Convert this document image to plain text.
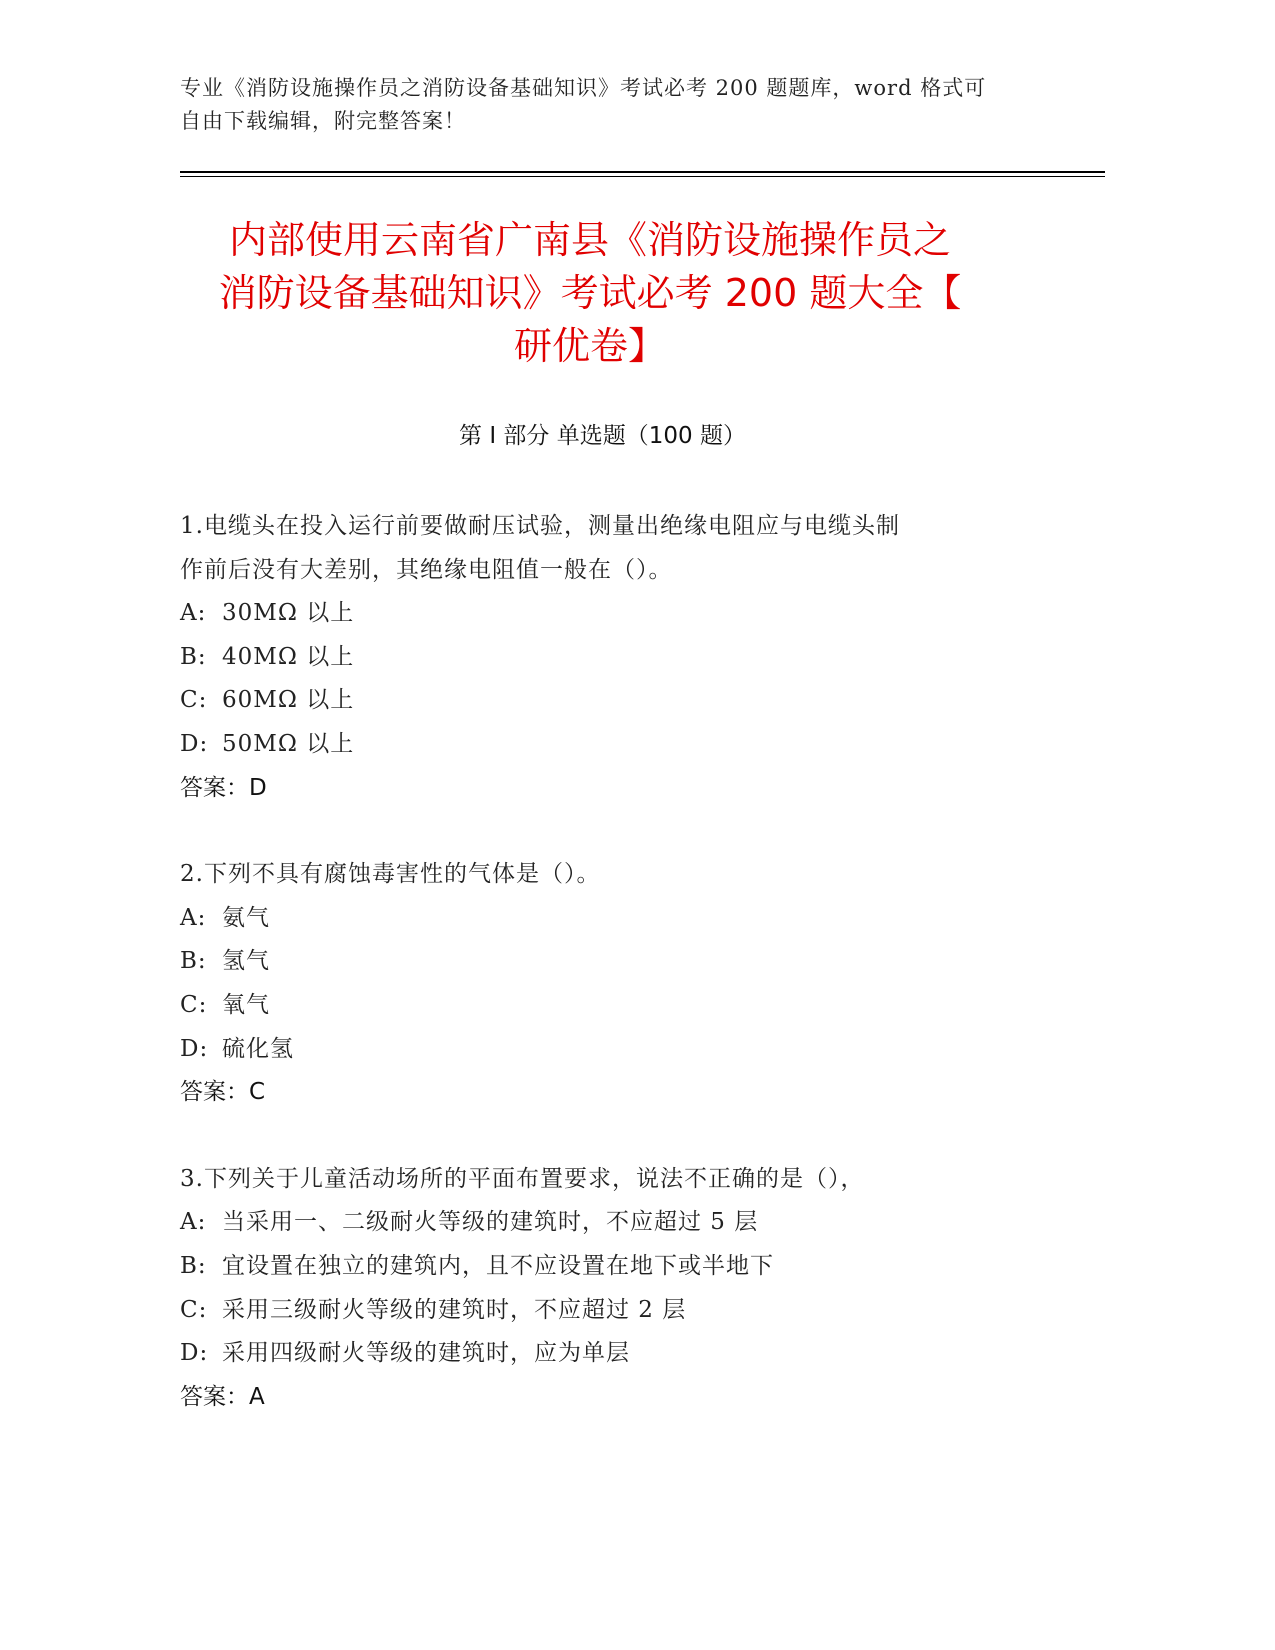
专业《消防设施操作员之消防设备基础知识》考试必考 200 题题库，word 格式可
自由下载编辑，附完整答案！
内部使用云南省广南县《消防设施操作员之
消防设备基础知识》考试必考 200 题大全【
研优卷】
第 I 部分 单选题（100 题）
1.电缆头在投入运行前要做耐压试验，测量出绝缘电阻应与电缆头制
作前后没有大差别，其绝缘电阻值一般在（）。
A: 30MΩ 以上
B: 40MΩ 以上
C: 60MΩ 以上
D: 50MΩ 以上
答案：D
2.下列不具有腐蚀毒害性的气体是（）。
A: 氨气
B: 氢气
C: 氧气
D: 硫化氢
答案：C
3.下列关于儿童活动场所的平面布置要求，说法不正确的是（），
A: 当采用一、二级耐火等级的建筑时，不应超过 5 层
B: 宜设置在独立的建筑内，且不应设置在地下或半地下
C: 采用三级耐火等级的建筑时，不应超过 2 层
D: 采用四级耐火等级的建筑时，应为单层
答案：A
